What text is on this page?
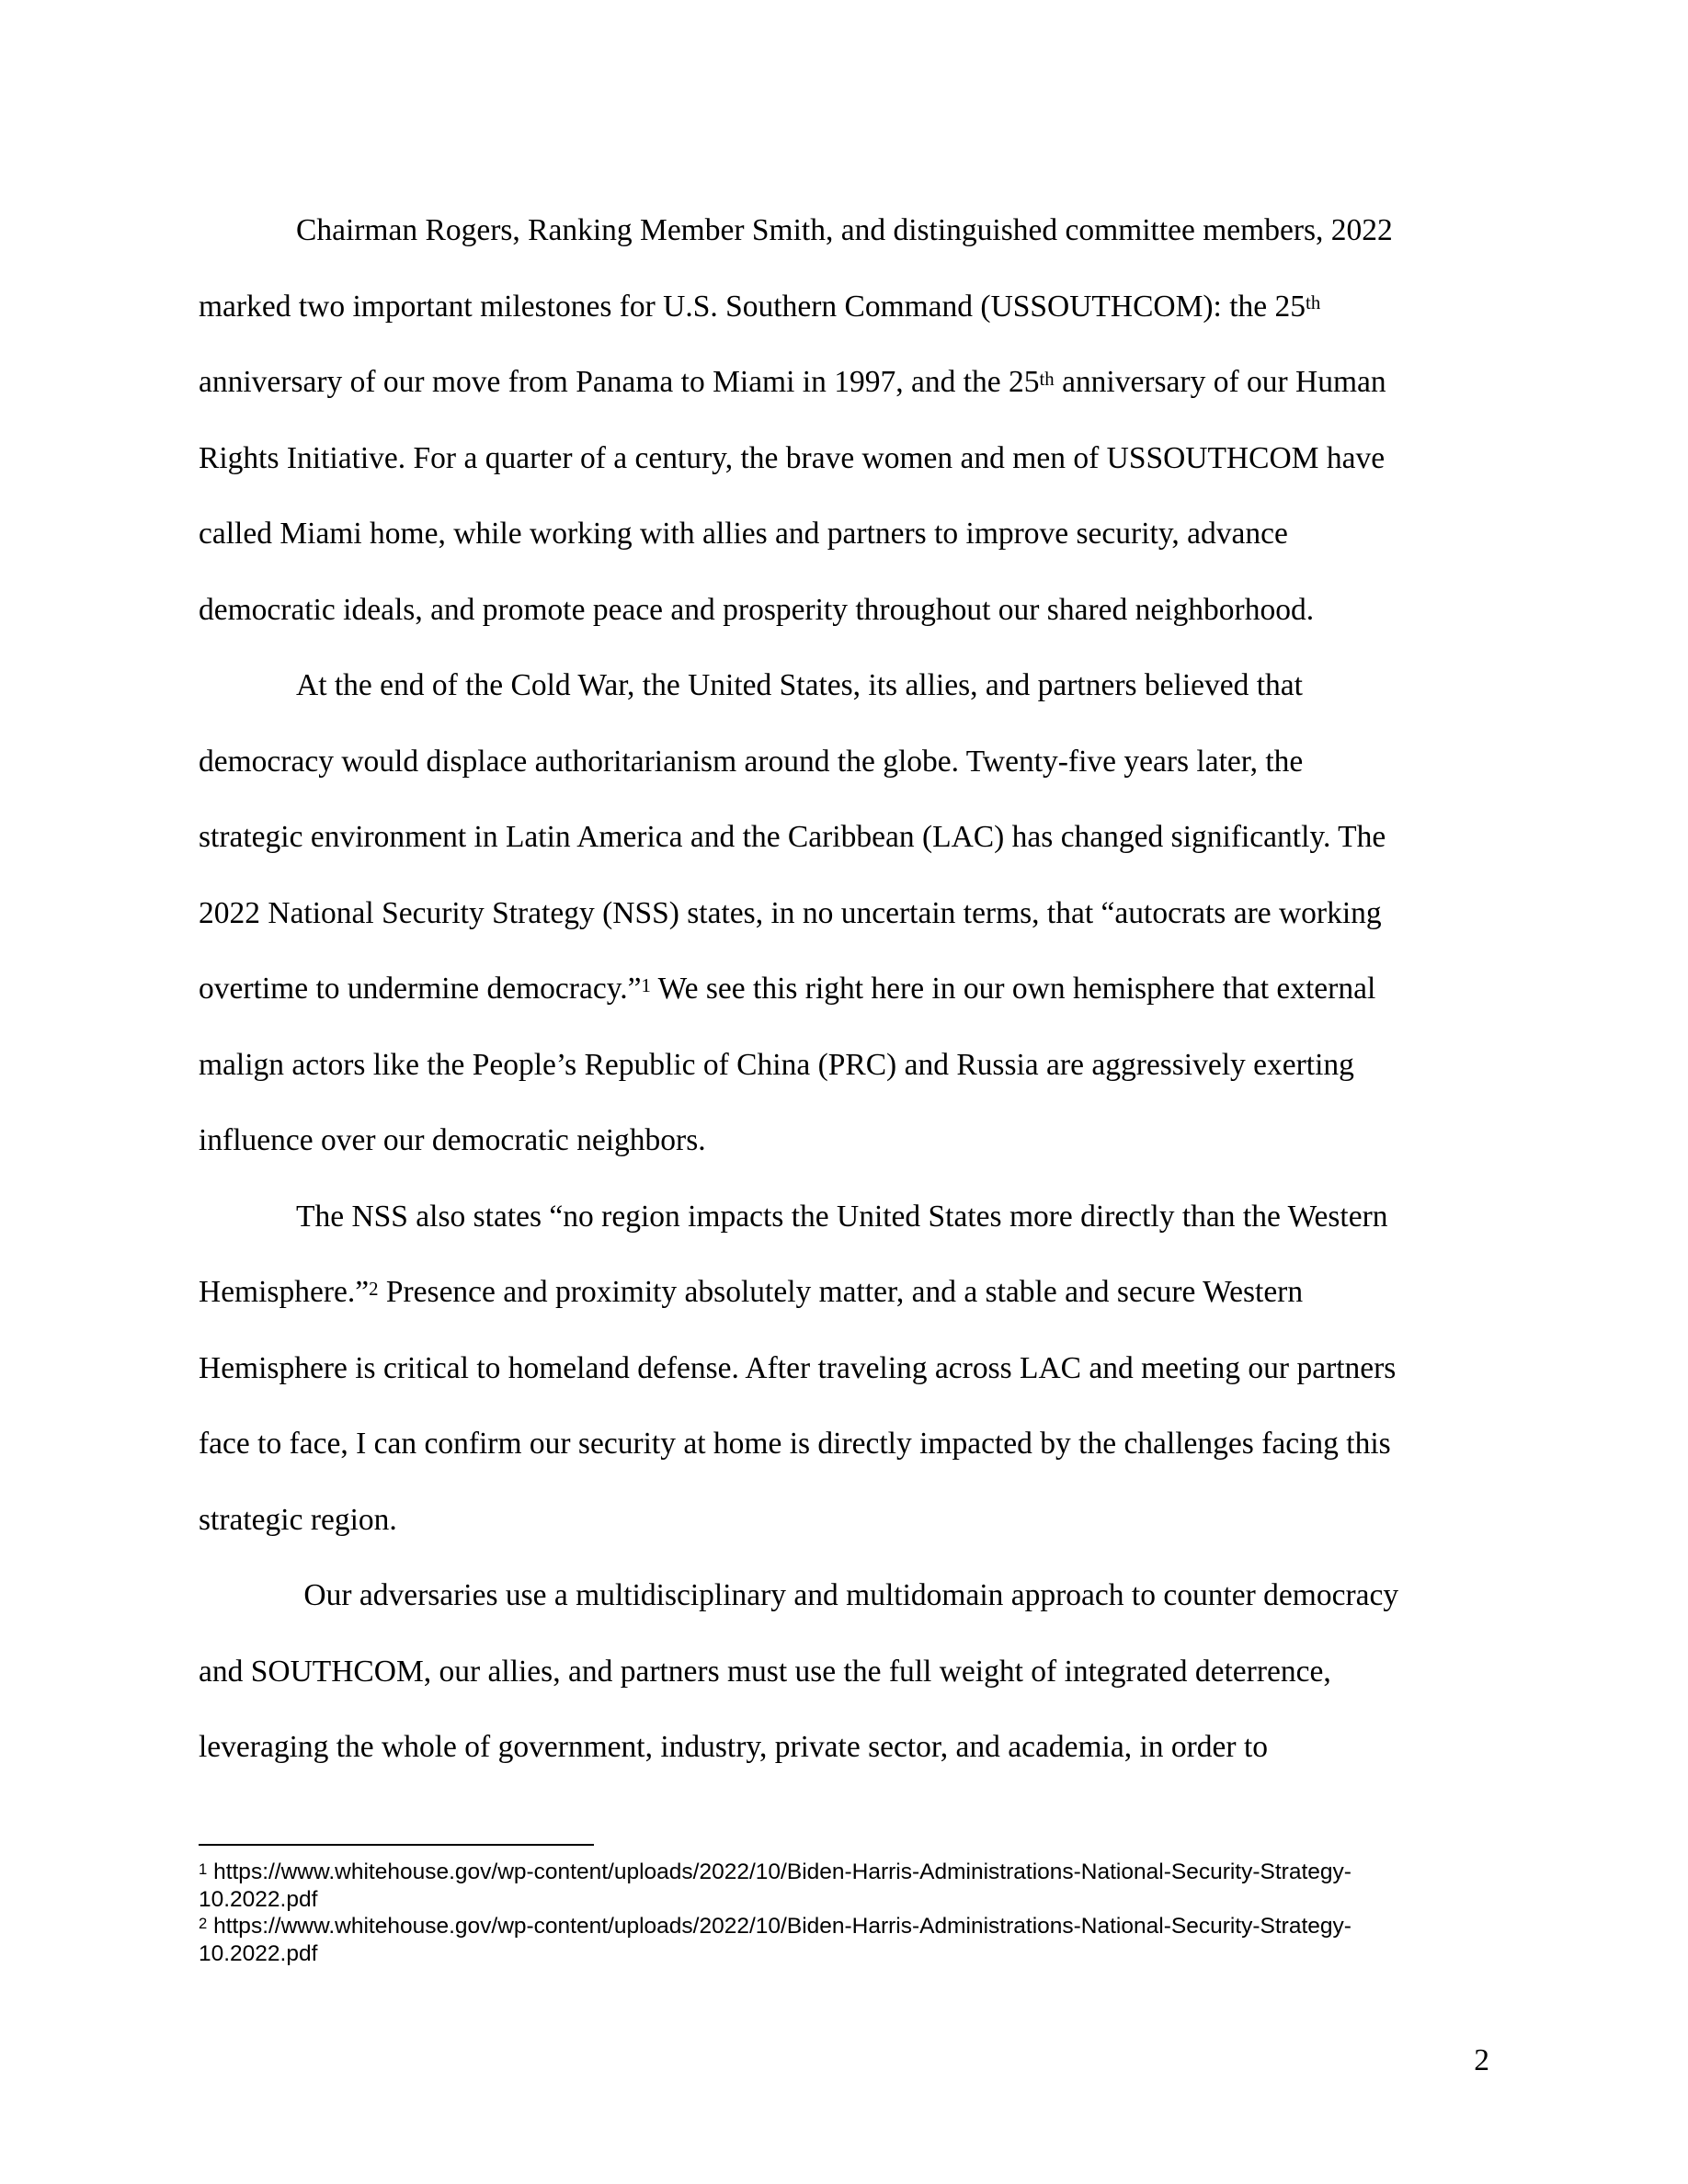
Chairman Rogers, Ranking Member Smith, and distinguished committee members, 2022
marked two important milestones for U.S. Southern Command (USSOUTHCOM): the 25th
anniversary of our move from Panama to Miami in 1997, and the 25th anniversary of our Human
Rights Initiative. For a quarter of a century, the brave women and men of USSOUTHCOM have
called Miami home, while working with allies and partners to improve security, advance
democratic ideals, and promote peace and prosperity throughout our shared neighborhood.

At the end of the Cold War, the United States, its allies, and partners believed that
democracy would displace authoritarianism around the globe. Twenty-five years later, the
strategic environment in Latin America and the Caribbean (LAC) has changed significantly. The
2022 National Security Strategy (NSS) states, in no uncertain terms, that “autocrats are working
overtime to undermine democracy.”$^1$ We see this right here in our own hemisphere that external
malign actors like the People’s Republic of China (PRC) and Russia are aggressively exerting
influence over our democratic neighbors.

The NSS also states “no region impacts the United States more directly than the Western
Hemisphere.”$^2$ Presence and proximity absolutely matter, and a stable and secure Western
Hemisphere is critical to homeland defense. After traveling across LAC and meeting our partners
face to face, I can confirm our security at home is directly impacted by the challenges facing this
strategic region.

Our adversaries use a multidisciplinary and multidomain approach to counter democracy
and SOUTHCOM, our allies, and partners must use the full weight of integrated deterrence,
leveraging the whole of government, industry, private sector, and academia, in order to

$^1$ https://www.whitehouse.gov/wp-content/uploads/2022/10/Biden-Harris-Administrations-National-Security-Strategy-
10.2022.pdf

$^2$ https://www.whitehouse.gov/wp-content/uploads/2022/10/Biden-Harris-Administrations-National-Security-Strategy-
10.2022.pdf

2
